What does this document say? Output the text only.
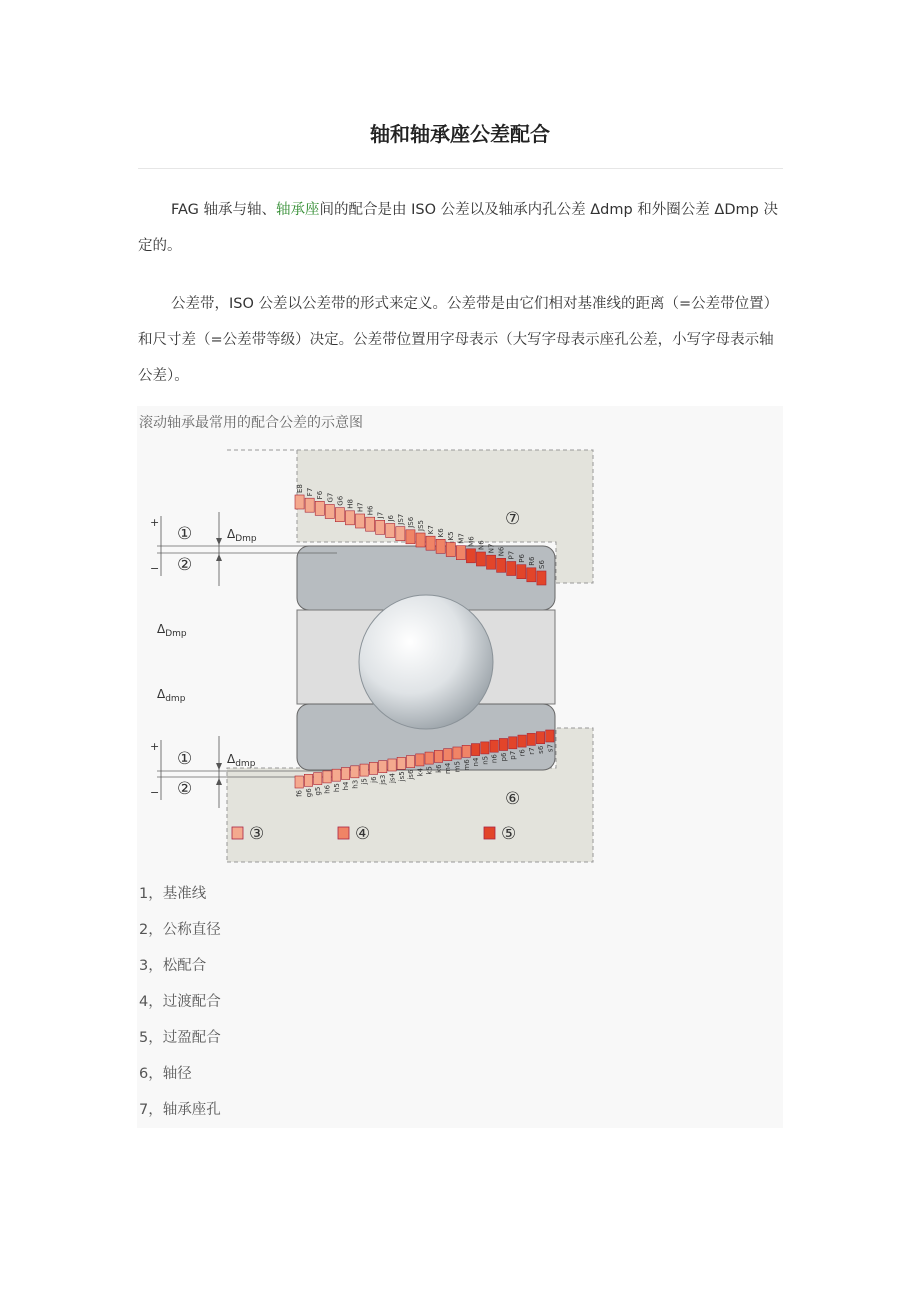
轴和轴承座公差配合

FAG 轴承与轴、轴承座间的配合是由 ISO 公差以及轴承内孔公差 Δdmp 和外圈公差 ΔDmp 决定的。

公差带，ISO 公差以公差带的形式来定义。公差带是由它们相对基准线的距离（=公差带位置）和尺寸差（=公差带等级）决定。公差带位置用字母表示（大写字母表示座孔公差，小写字母表示轴公差）。

滚动轴承最常用的配合公差的示意图
+
−
+
−
①
②
①
②
⑦
⑥
$\Delta_{Dmp}$
$\Delta_{Dmp}$
$\Delta_{dmp}$
$\Delta_{dmp}$
E8 F7 F6 G7 G6 H8 H7 H6 J7 J6 JS7 JS6 JS5 K7 K6 K5 M7 M6 N6 N7 N6 P7 P6 R6 S6
f6 g6 g5 h6 h5 h4 h3 j5 j6 js3 js4 js5 js6 k4 k5 k6 m4 m5 m6 n4 n5 n6 p6 p7 r6 r7 s6 s7
③	④	⑤
1，基准线
2，公称直径
3，松配合
4，过渡配合
5，过盈配合
6，轴径
7，轴承座孔
